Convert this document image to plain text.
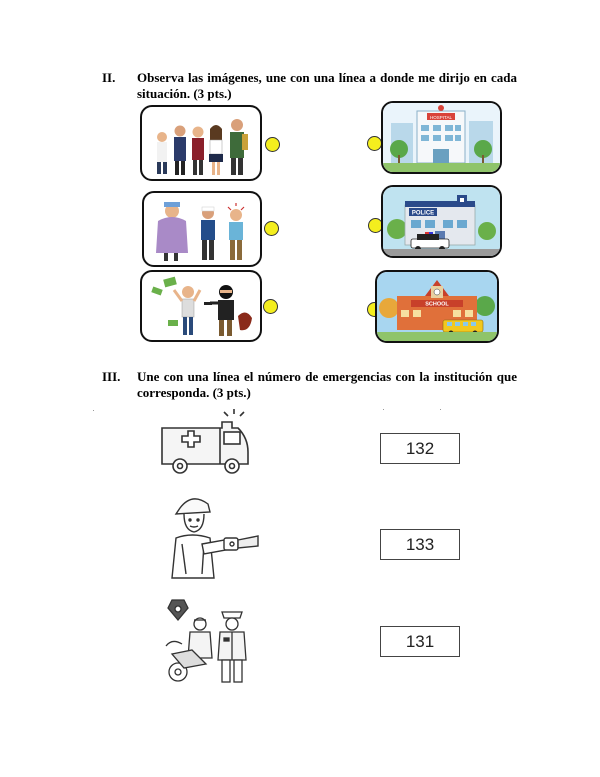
II. Observa las imágenes, une con una línea a donde me dirijo en cada situación. (3 pts.)
HOSPITAL
POLICE
SCHOOL
III. Une con una línea el número de emergencias con la institución que corresponda. (3 pts.)
132
133
131
